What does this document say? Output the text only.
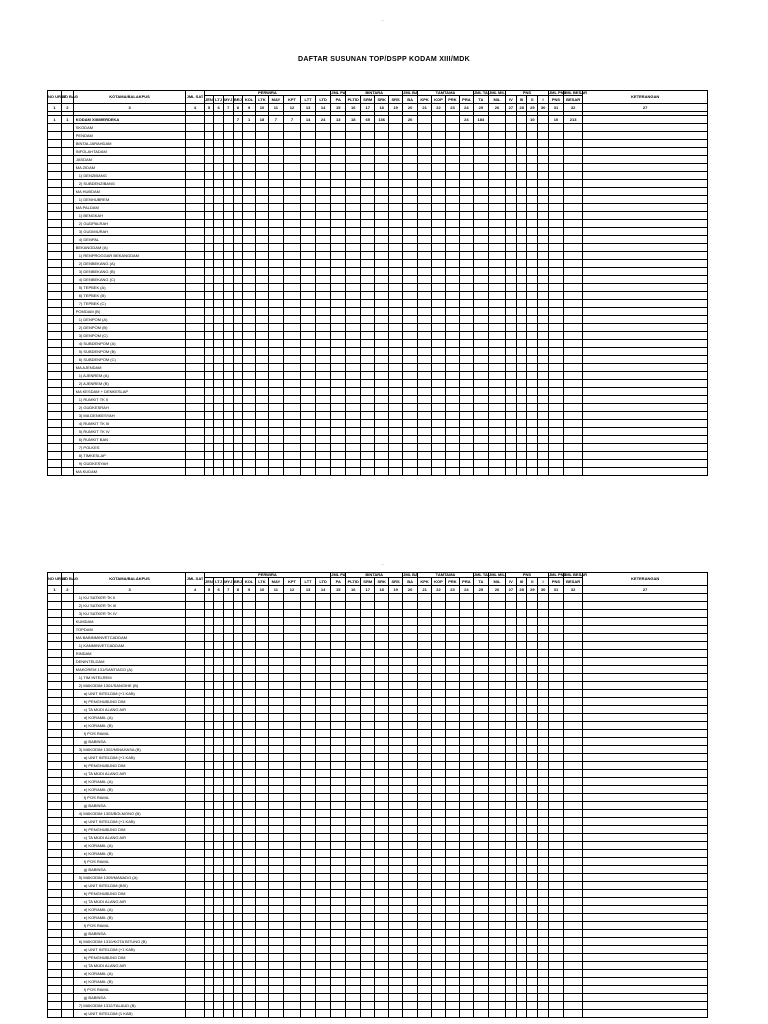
-
DAFTAR SUSUNAN TOP/DSPP KODAM XIII/MDK
-
NO URUT	NO BAG	KOTAMA/BALAKPUS	JML SAT	PERWIRA										JML PA	BINTARA				JML BA	TAMTAMA				JML TA	JML MIL	PNS				JML PNS	JML BESAR	KETERANGAN
				JEN	LTJ	MYJ	BRJ	KOL	LTK	MAY	KPT	LTT	LTD	PA	PLTID	SRM	SRK	SRS	BA	KPK	KOP	PRK	PRA	TA	MIL	IV	III	II	I	PNS	BESAR	
1	2	3	4	5	6	7	8	9	10	11	12	13	14	15	16	17	18	19	20	21	22	23	24	25	26	27	28	29	30	31	32	27

1	1	KODAM XIII/MERDEKA					7	1	18	7	7	14	24	13	18	65	136		20				24	184				10		10	213	
		SKODAM																														
		PENDAM																														
		BINTALJARAHDAM																														
		INFOLAHTADAM																														
		JASDAM																														
		MA ZIDAM																														
		1) DENZIBANG																														
		2) SUBDENZIBANG																														
		MA HUBDAM																														
		1) DENHUBREM																														
		MA PALDAM																														
		1) BENGKAH																														
		2) GUDPALRAH																														
		3) GUDMIURAH																														
		4) DENPAL																														
		BEKANGDAM (A)																														
		1) RENPROGGAR BEKANGDAM																														
		2) DENBEKANG (A)																														
		3) DENBEKANG (B)																														
		4) DENBEKANG (C)																														
		5) TEPBEK (A)																														
		6) TEPBEK (B)																														
		7) TEPBEK (C)																														
		POMDAM (B)																														
		1) DENPOM (A)																														
		2) DENPOM (B)																														
		3) DENPOM (C)																														
		4) SUBDENPOM (A)																														
		5) SUBDENPOM (B)																														
		6) SUBDENPOM (C)																														
		MA AJENDAM																														
		1) AJENREM (A)																														
		2) AJENREM (B)																														
		MA KESDAM + DENKESLAP																														
		1) RUMKIT TK II																														
		2) GUDKESRAH																														
		3) MA DENKESYAH																														
		4) RUMKIT TK III																														
		5) RUMKIT TK IV																														
		6) RUMKIT BAN																														
		7) POLKES																														
		8) TIMKESLAP																														
		9) GUDKESYAH																														
		MA KUDAM																														
NO URUT	NO BAG	KOTAMA/BALAKPUS	JML SAT	PERWIRA										JML PA	BINTARA				JML BA	TAMTAMA				JML TA	JML MIL	PNS				JML PNS	JML BESAR	KETERANGAN
				JEN	LTJ	MYJ	BRJ	KOL	LTK	MAY	KPT	LTT	LTD	PA	PLTID	SRM	SRK	SRS	BA	KPK	KOP	PRK	PRA	TA	MIL	IV	III	II	I	PNS	BESAR	
1	2	3	4	5	6	7	8	9	10	11	12	13	14	15	16	17	18	19	20	21	22	23	24	25	26	27	28	29	30	31	32	27
		1) KU SATKER TK II																														
		2) KU SATKER TK III																														
		3) KU SATKER TK IV																														
		KUMDAM																														
		TOPDAM																														
		MA BABINMINVETCADDAM																														
		1) KANMINVETCADDAM																														
		RINDAM																														
		DENINTELDAM																														
		MAKOREM 131/SANTIAGO (A)																														
		1) TIM INTELREM																														
		2) MAKODIM 1301/SANGIHE (B)																														
		a) UNIT INTELDIM (+1 KAB)																														
		b) PENGHUBUNG DIM																														
		c) TA MUDI ALANG AIR																														
		d) KORAMIL (A)																														
		e) KORAMIL (B)																														
		f) POS RAMIL																														
		g) BABINSA																														
		3) MAKODIM 1302/MINAHASA (B)																														
		a) UNIT INTELDIM (+1 KAB)																														
		b) PENGHUBUNG DIM																														
		c) TA MUDI ALANG AIR																														
		d) KORAMIL (A)																														
		e) KORAMIL (B)																														
		f) POS RAMIL																														
		g) BABINSA																														
		4) MAKODIM 1303/BOLMONG (B)																														
		a) UNIT INTELDIM (+1 KAB)																														
		b) PENGHUBUNG DIM																														
		c) TA MUDI ALANG AIR																														
		d) KORAMIL (A)																														
		e) KORAMIL (B)																														
		f) POS RAMIL																														
		g) BABINSA																														
		5) MAKODIM 1309/MANADO (A)																														
		a) UNIT INTELDIM (BSI)																														
		b) PENGHUBUNG DIM																														
		c) TA MUDI ALANG AIR																														
		d) KORAMIL (A)																														
		e) KORAMIL (B)																														
		f) POS RAMIL																														
		g) BABINSA																														
		6) MAKODIM 1310/KOTA BITUNG (B)																														
		a) UNIT INTELDIM (+1 KAB)																														
		b) PENGHUBUNG DIM																														
		c) TA MUDI ALANG AIR																														
		d) KORAMIL (A)																														
		e) KORAMIL (B)																														
		f) POS RAMIL																														
		g) BABINSA																														
		7) MAKODIM 1312/TALAUD (B)																														
		a) UNIT INTELDIM (1 KAB)																														
